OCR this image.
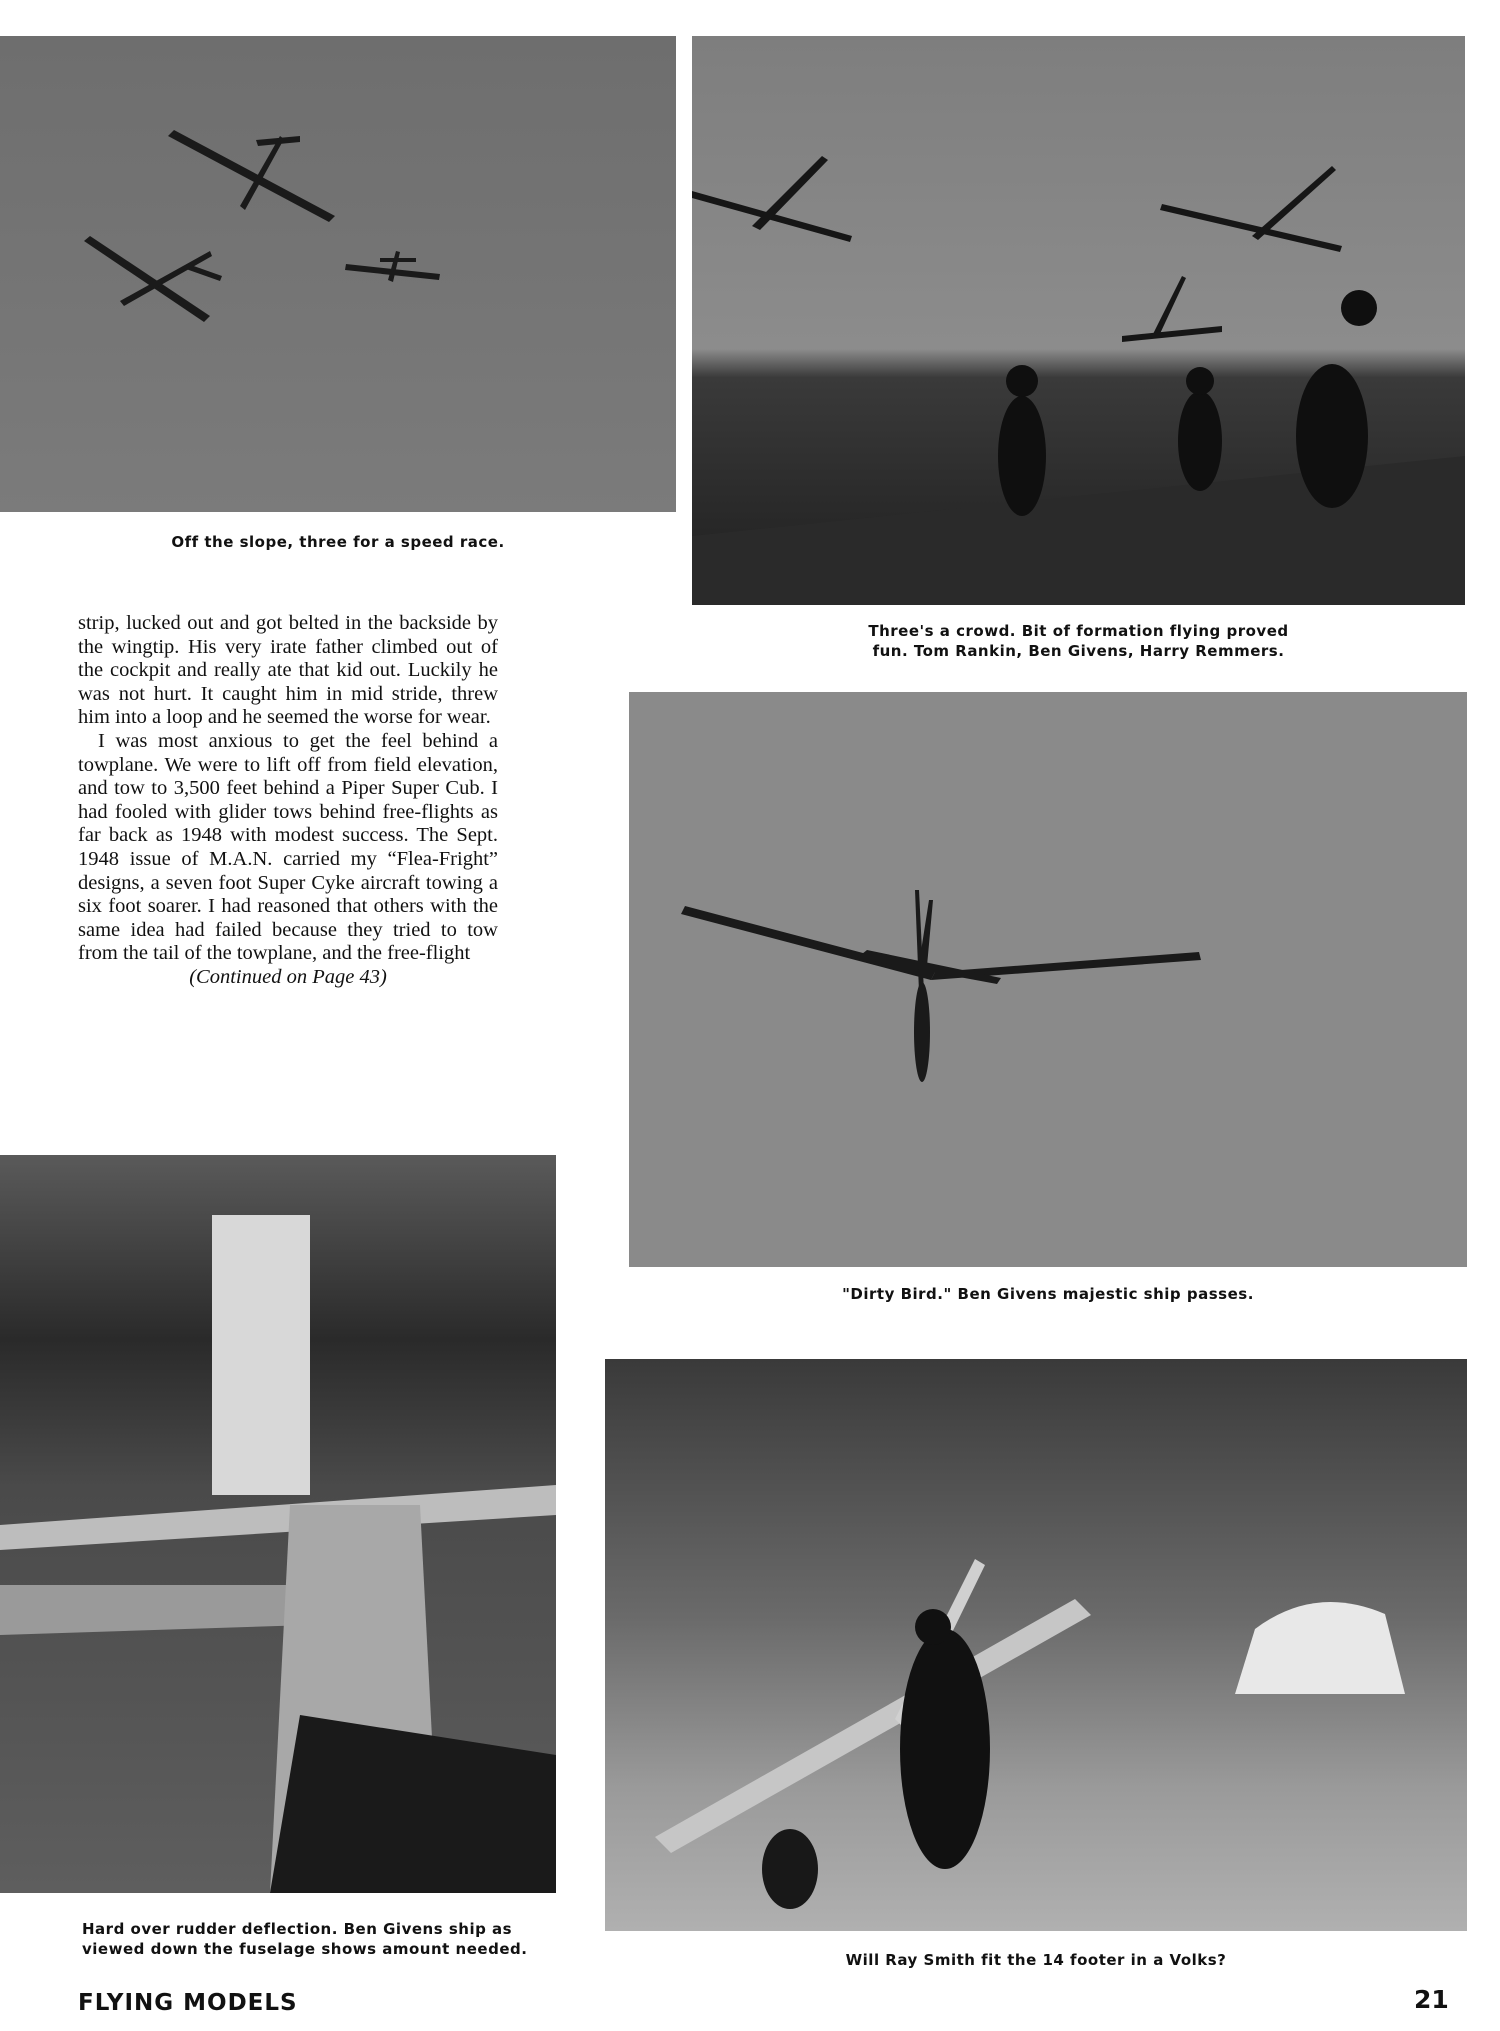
Off the slope, three for a speed race.
Three's a crowd. Bit of formation flying proved
fun. Tom Rankin, Ben Givens, Harry Remmers.

strip, lucked out and got belted in the backside by the wingtip. His very irate father climbed out of the cockpit and really ate that kid out. Luckily he was not hurt. It caught him in mid stride, threw him into a loop and he seemed the worse for wear.

I was most anxious to get the feel behind a towplane. We were to lift off from field elevation, and tow to 3,500 feet behind a Piper Super Cub. I had fooled with glider tows behind free-flights as far back as 1948 with modest success. The Sept. 1948 issue of M.A.N. carried my “Flea-Fright” designs, a seven foot Super Cyke aircraft towing a six foot soarer. I had reasoned that others with the same idea had failed because they tried to tow from the tail of the towplane, and the free-flight

(Continued on Page 43)
"Dirty Bird." Ben Givens majestic ship passes.
Hard over rudder deflection. Ben Givens ship as
viewed down the fuselage shows amount needed.
Will Ray Smith fit the 14 footer in a Volks?
FLYING MODELS	21
